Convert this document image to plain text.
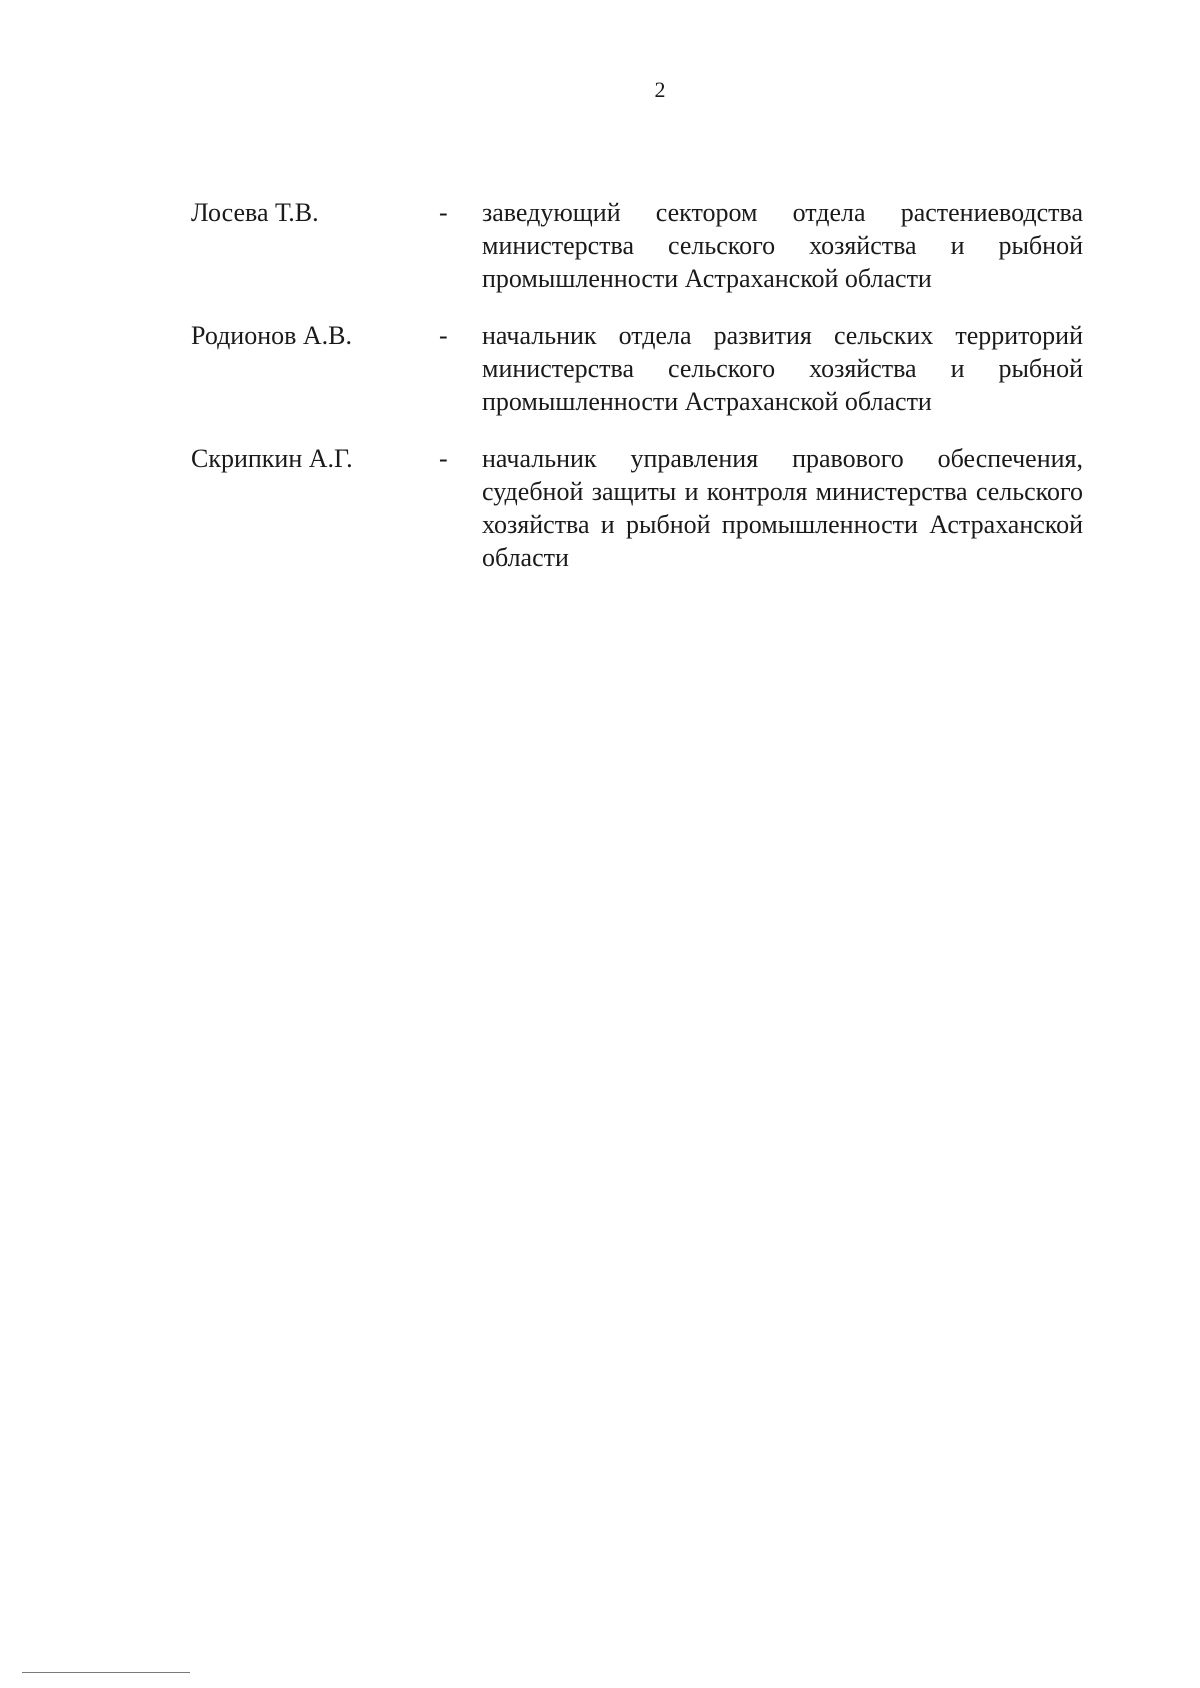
2
Лосева Т.В.	-	заведующий сектором отдела растениеводства министерства сельского хозяйства и рыбной промышленности Астраханской области
Родионов А.В.	-	начальник отдела развития сельских территорий министерства сельского хозяйства и рыбной промышленности Астраханской области
Скрипкин А.Г.	-	начальник управления правового обеспечения, судебной защиты и контроля министерства сельского хозяйства и рыбной промышленности Астраханской области
